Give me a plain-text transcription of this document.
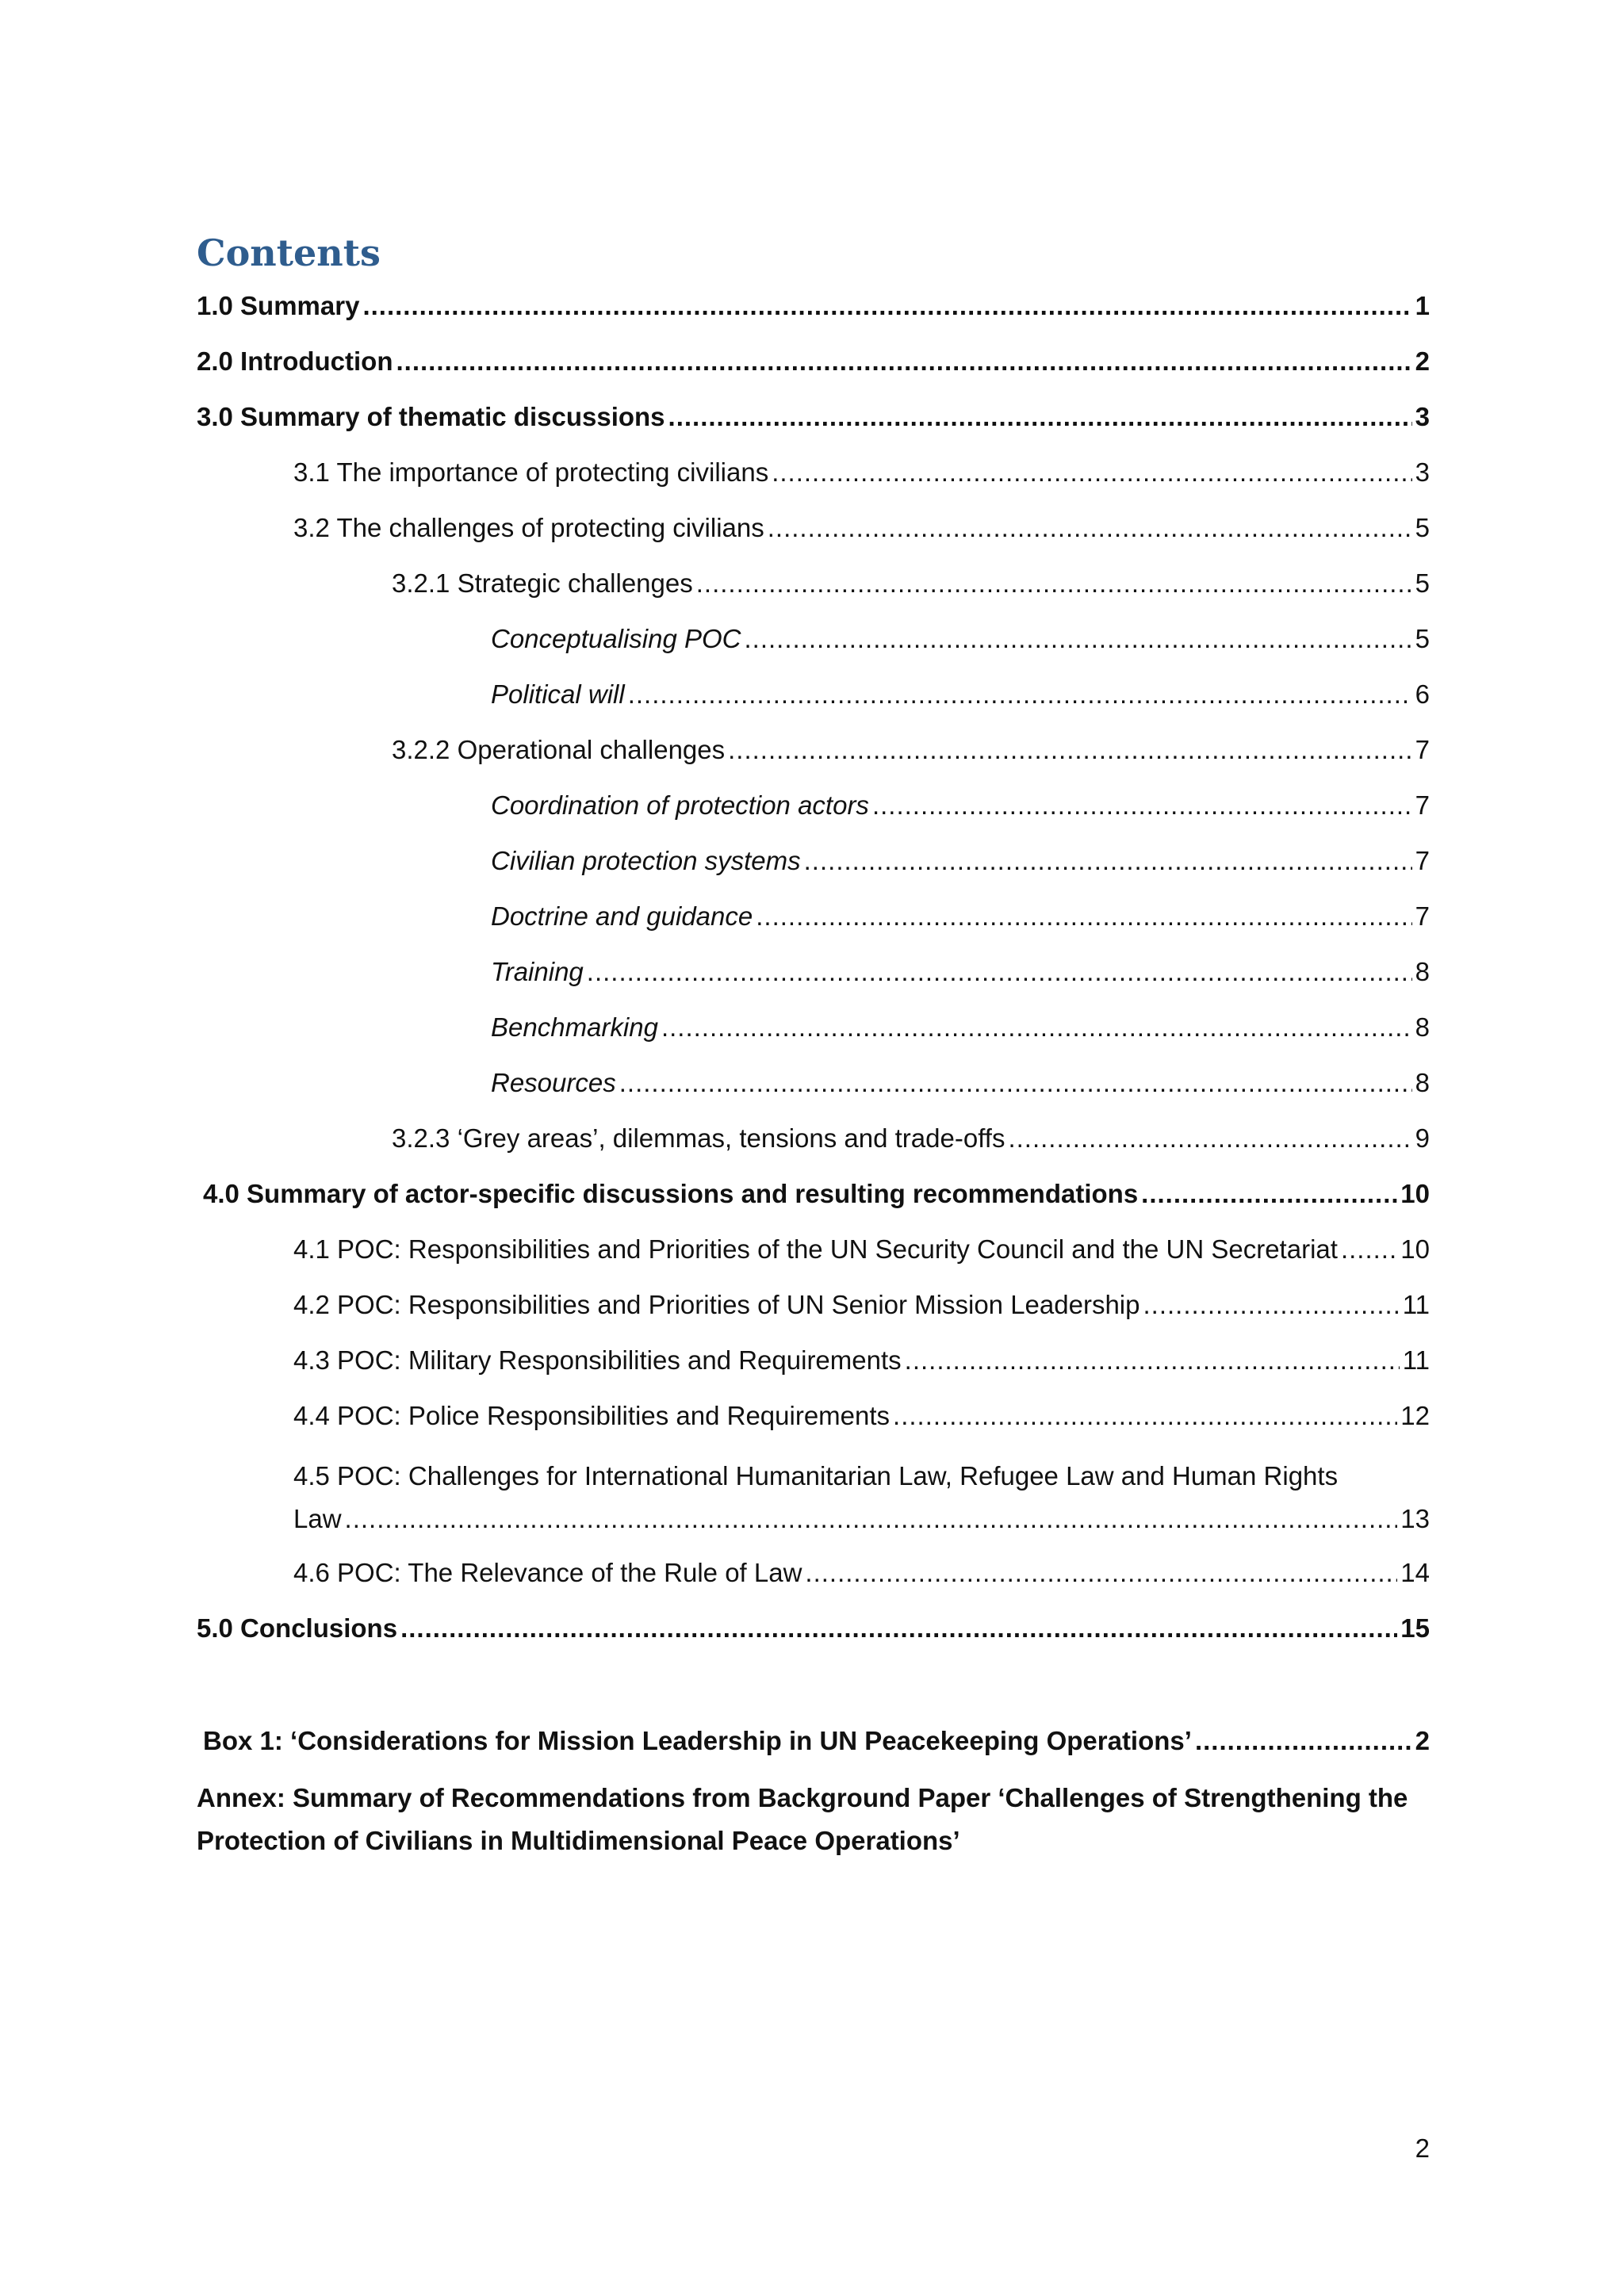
Contents
1.0 Summary .....	1
2.0 Introduction .....	2
3.0 Summary of thematic discussions .....	3
3.1 The importance of protecting civilians .....	3
3.2 The challenges of protecting civilians .....	5
3.2.1 Strategic challenges .....	5
Conceptualising POC .....	5
Political will .....	6
3.2.2 Operational challenges .....	7
Coordination of protection actors .....	7
Civilian protection systems .....	7
Doctrine and guidance .....	7
Training .....	8
Benchmarking .....	8
Resources .....	8
3.2.3 ‘Grey areas’, dilemmas, tensions and trade-offs .....	9
4.0 Summary of actor-specific discussions and resulting recommendations .....	10
4.1 POC: Responsibilities and Priorities of the UN Security Council and the UN Secretariat ..... 10
4.2 POC: Responsibilities and Priorities of UN Senior Mission Leadership .....	11
4.3 POC: Military Responsibilities and Requirements .....	11
4.4 POC: Police Responsibilities and Requirements .....	12
4.5 POC: Challenges for International Humanitarian Law, Refugee Law and Human Rights
Law .....	13
4.6 POC: The Relevance of the Rule of Law .....	14
5.0 Conclusions .....	15
Box 1: ‘Considerations for Mission Leadership in UN Peacekeeping Operations’ .....	2
Annex: Summary of Recommendations from Background Paper ‘Challenges of Strengthening the
Protection of Civilians in Multidimensional Peace Operations’
2
